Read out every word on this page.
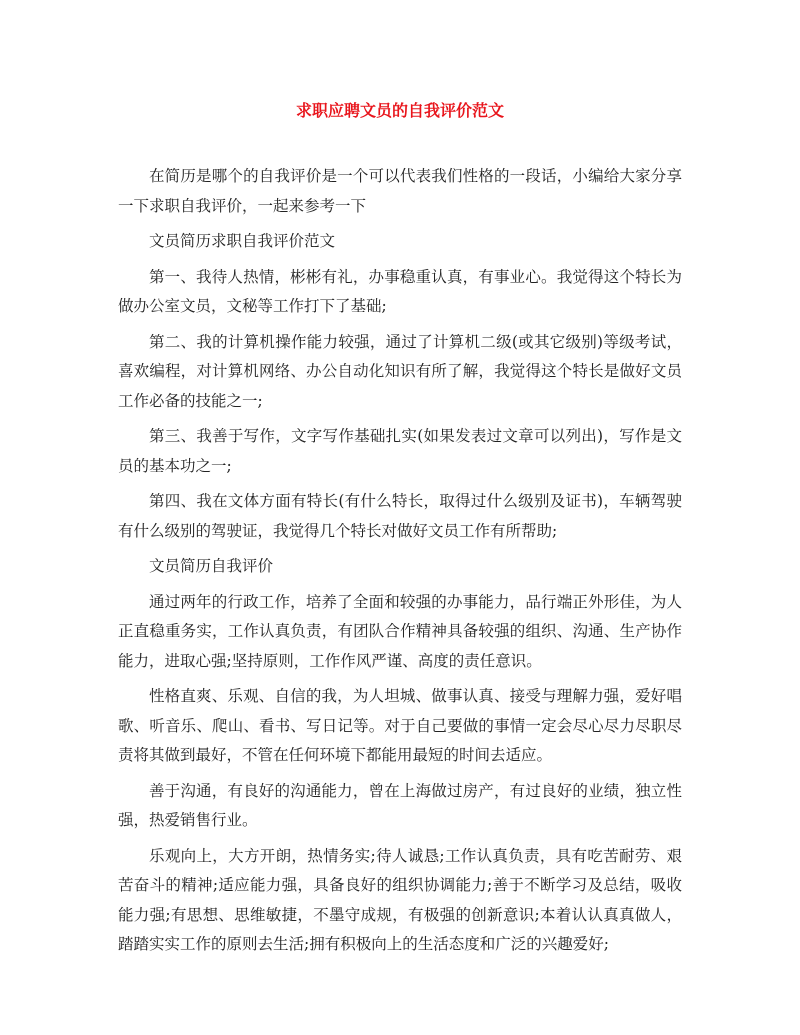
求职应聘文员的自我评价范文

在简历是哪个的自我评价是一个可以代表我们性格的一段话，小编给大家分享一下求职自我评价，一起来参考一下

文员简历求职自我评价范文

第一、我待人热情，彬彬有礼，办事稳重认真，有事业心。我觉得这个特长为做办公室文员，文秘等工作打下了基础;

第二、我的计算机操作能力较强，通过了计算机二级(或其它级别)等级考试，喜欢编程，对计算机网络、办公自动化知识有所了解，我觉得这个特长是做好文员工作必备的技能之一;

第三、我善于写作，文字写作基础扎实(如果发表过文章可以列出)，写作是文员的基本功之一;

第四、我在文体方面有特长(有什么特长，取得过什么级别及证书)，车辆驾驶有什么级别的驾驶证，我觉得几个特长对做好文员工作有所帮助;

文员简历自我评价

通过两年的行政工作，培养了全面和较强的办事能力，品行端正外形佳，为人正直稳重务实，工作认真负责，有团队合作精神具备较强的组织、沟通、生产协作能力，进取心强;坚持原则，工作作风严谨、高度的责任意识。

性格直爽、乐观、自信的我，为人坦城、做事认真、接受与理解力强，爱好唱歌、听音乐、爬山、看书、写日记等。对于自己要做的事情一定会尽心尽力尽职尽责将其做到最好，不管在任何环境下都能用最短的时间去适应。

善于沟通，有良好的沟通能力，曾在上海做过房产，有过良好的业绩，独立性强，热爱销售行业。

乐观向上，大方开朗，热情务实;待人诚恳;工作认真负责，具有吃苦耐劳、艰苦奋斗的精神;适应能力强，具备良好的组织协调能力;善于不断学习及总结，吸收能力强;有思想、思维敏捷，不墨守成规，有极强的创新意识;本着认认真真做人，踏踏实实工作的原则去生活;拥有积极向上的生活态度和广泛的兴趣爱好;
